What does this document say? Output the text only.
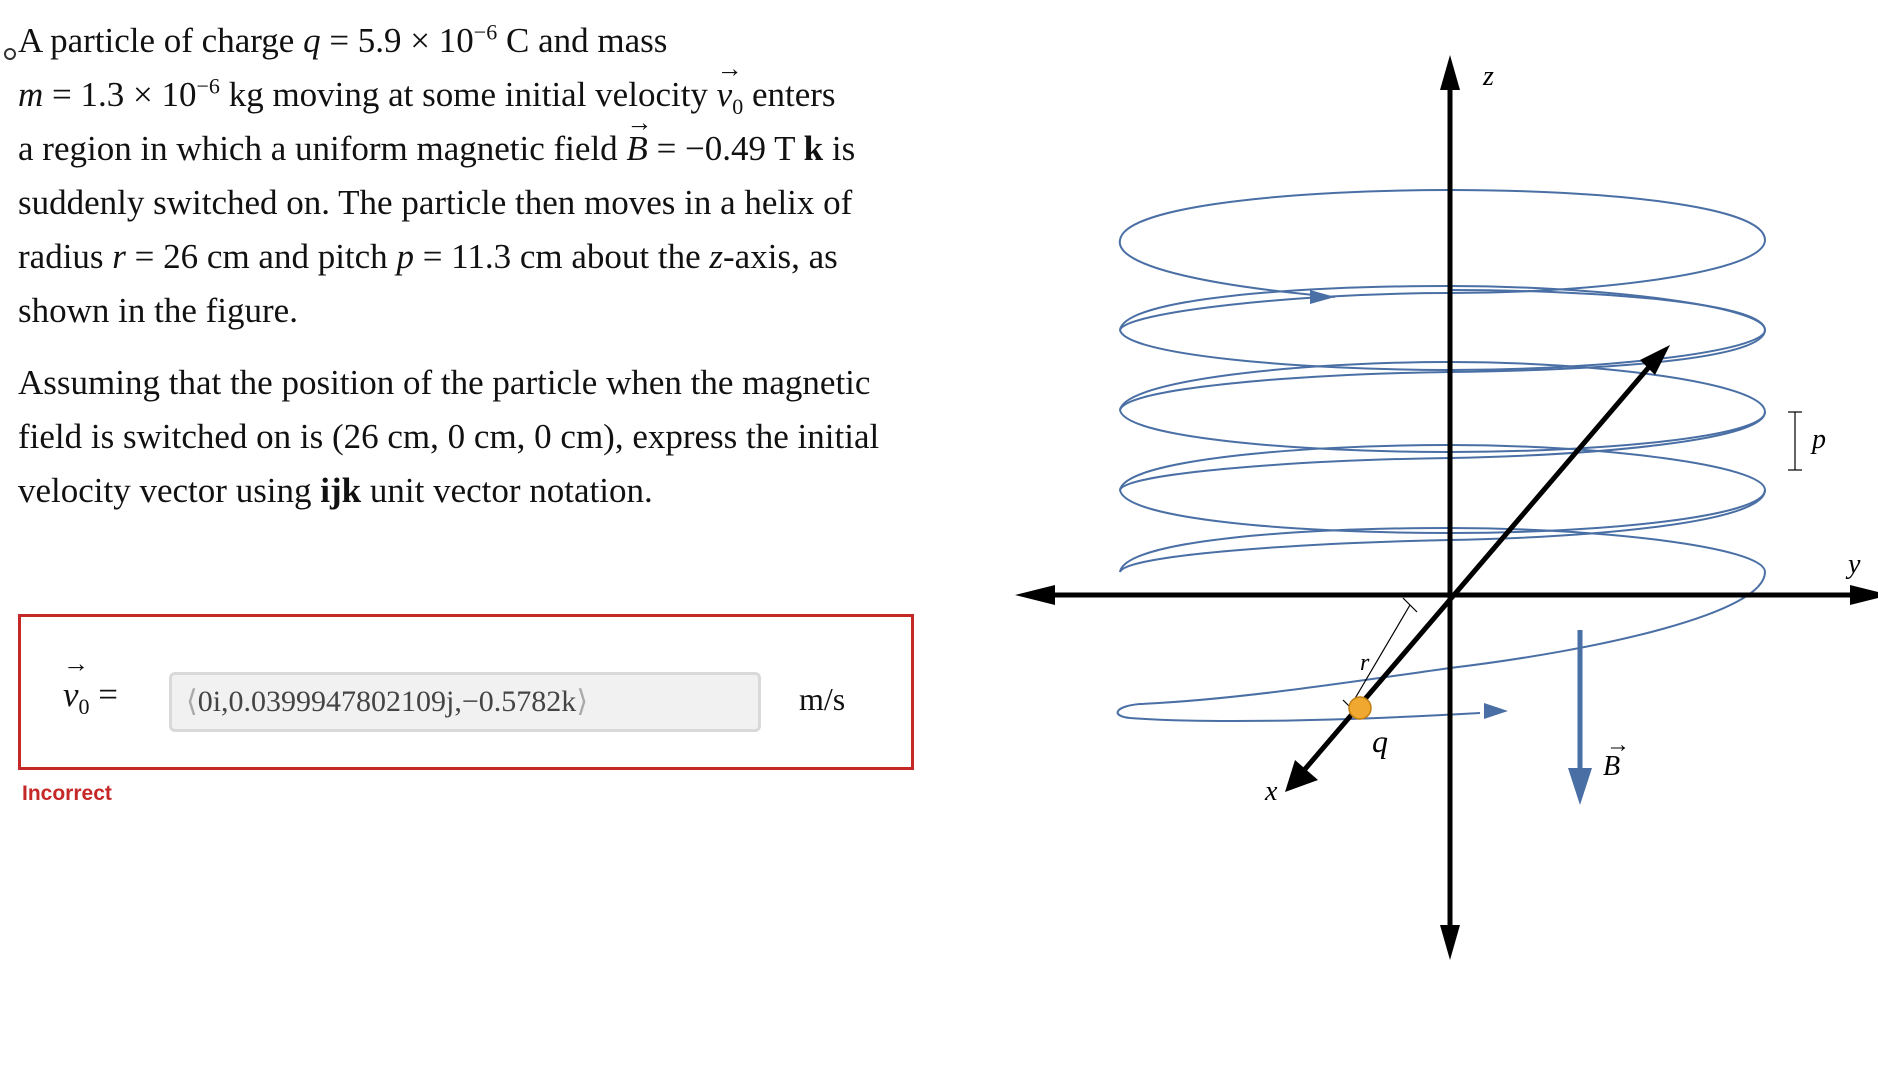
A particle of charge $q = 5.9 \times 10^{-6}$ C and mass
$m = 1.3 \times 10^{-6}$ kg moving at some initial velocity → $v_0$ enters
a region in which a uniform magnetic field → B = −0.49 T k is
suddenly switched on. The particle then moves in a helix of
radius r = 26 cm and pitch p = 11.3 cm about the z-axis, as
shown in the figure.

Assuming that the position of the particle when the magnetic field is switched on is (26 cm, 0 cm, 0 cm), express the initial velocity vector using ijk unit vector notation.

→ $v_0$ =	⟨0i,0.0399947802109j,−0.5782k⟩	m/s
Incorrect
z
y
x
r
q
p
B
→
